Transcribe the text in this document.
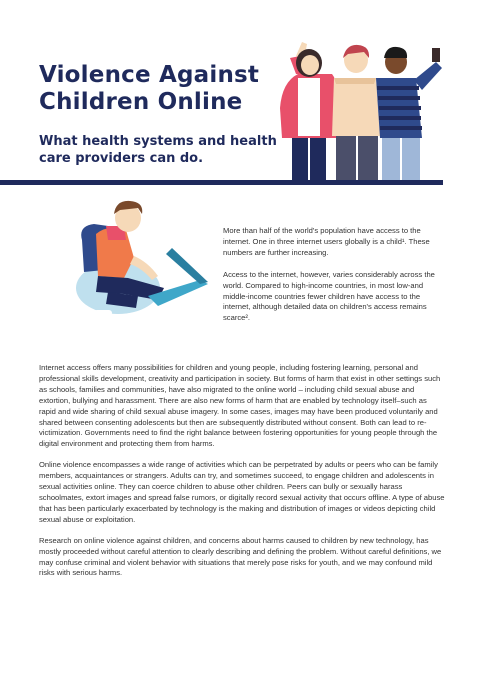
Violence Against Children Online
What health systems and health care providers can do.

More than half of the world's population have access to the internet. One in three internet users globally is a child¹. These numbers are further increasing.

Access to the internet, however, varies considerably across the world. Compared to high-income countries, in most low-and middle-income countries fewer children have access to the internet, although detailed data on children's access remains scarce².

Internet access offers many possibilities for children and young people, including fostering learning, personal and professional skills development, creativity and participation in society. But forms of harm that exist in other settings such as schools, families and communities, have also migrated to the online world – including child sexual abuse and extortion, bullying and harassment. There are also new forms of harm that are enabled by technology itself–such as rapid and wide sharing of child sexual abuse imagery. In some cases, images may have been produced voluntarily and shared between consenting adolescents but then are subsequently distributed without consent. Both can lead to re-victimization. Governments need to find the right balance between fostering opportunities for young people through the digital environment and protecting them from harms.

Online violence encompasses a wide range of activities which can be perpetrated by adults or peers who can be family members, acquaintances or strangers. Adults can try, and sometimes succeed, to engage children and adolescents in sexual activities online. They can coerce children to abuse other children. Peers can bully or sexually harass schoolmates, extort images and spread false rumors, or digitally record sexual activity that occurs offline. A type of abuse that has been particularly exacerbated by technology is the making and distribution of images or videos depicting child sexual abuse or exploitation.

Research on online violence against children, and concerns about harms caused to children by new technology, has mostly proceeded without careful attention to clearly describing and defining the problem. Without careful definitions, we may confuse criminal and violent behavior with situations that merely pose risks for youth, and we may confound mild risks with serious harms.
